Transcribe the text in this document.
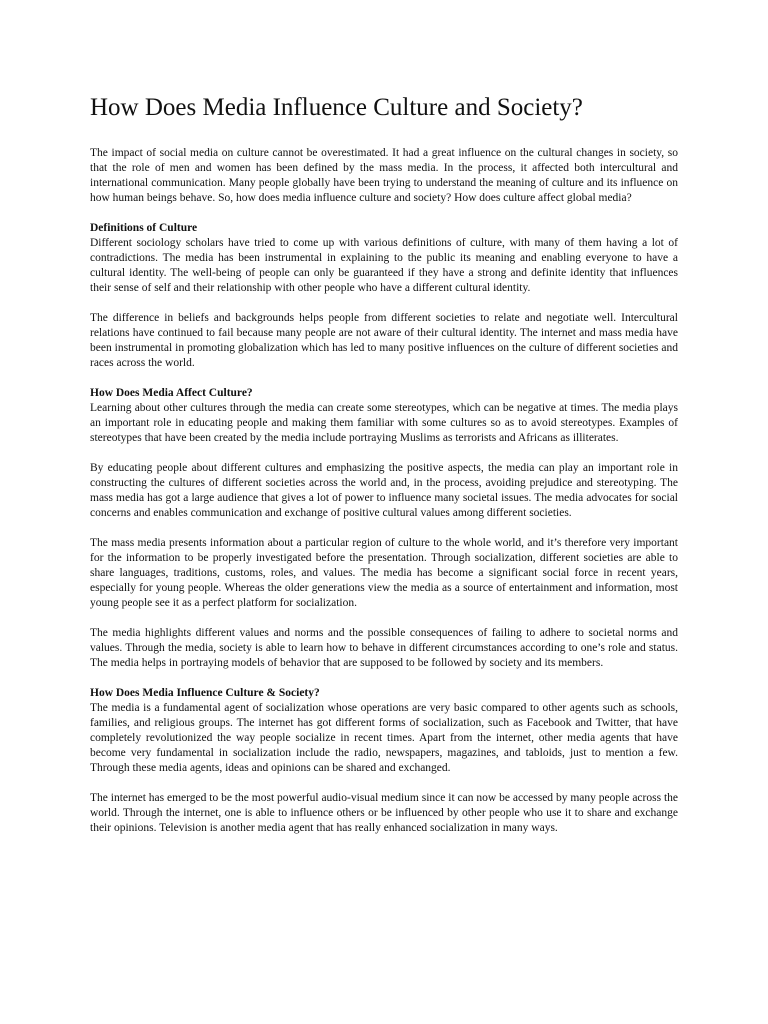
How Does Media Influence Culture and Society?

The impact of social media on culture cannot be overestimated. It had a great influence on the cultural changes in society, so that the role of men and women has been defined by the mass media. In the process, it affected both intercultural and international communication. Many people globally have been trying to understand the meaning of culture and its influence on how human beings behave. So, how does media influence culture and society? How does culture affect global media?

Definitions of Culture

Different sociology scholars have tried to come up with various definitions of culture, with many of them having a lot of contradictions. The media has been instrumental in explaining to the public its meaning and enabling everyone to have a cultural identity. The well-being of people can only be guaranteed if they have a strong and definite identity that influences their sense of self and their relationship with other people who have a different cultural identity.

The difference in beliefs and backgrounds helps people from different societies to relate and negotiate well. Intercultural relations have continued to fail because many people are not aware of their cultural identity. The internet and mass media have been instrumental in promoting globalization which has led to many positive influences on the culture of different societies and races across the world.

How Does Media Affect Culture?

Learning about other cultures through the media can create some stereotypes, which can be negative at times. The media plays an important role in educating people and making them familiar with some cultures so as to avoid stereotypes. Examples of stereotypes that have been created by the media include portraying Muslims as terrorists and Africans as illiterates.

By educating people about different cultures and emphasizing the positive aspects, the media can play an important role in constructing the cultures of different societies across the world and, in the process, avoiding prejudice and stereotyping. The mass media has got a large audience that gives a lot of power to influence many societal issues. The media advocates for social concerns and enables communication and exchange of positive cultural values among different societies.

The mass media presents information about a particular region of culture to the whole world, and it’s therefore very important for the information to be properly investigated before the presentation. Through socialization, different societies are able to share languages, traditions, customs, roles, and values. The media has become a significant social force in recent years, especially for young people. Whereas the older generations view the media as a source of entertainment and information, most young people see it as a perfect platform for socialization.

The media highlights different values and norms and the possible consequences of failing to adhere to societal norms and values. Through the media, society is able to learn how to behave in different circumstances according to one’s role and status. The media helps in portraying models of behavior that are supposed to be followed by society and its members.

How Does Media Influence Culture & Society?

The media is a fundamental agent of socialization whose operations are very basic compared to other agents such as schools, families, and religious groups. The internet has got different forms of socialization, such as Facebook and Twitter, that have completely revolutionized the way people socialize in recent times. Apart from the internet, other media agents that have become very fundamental in socialization include the radio, newspapers, magazines, and tabloids, just to mention a few. Through these media agents, ideas and opinions can be shared and exchanged.

The internet has emerged to be the most powerful audio-visual medium since it can now be accessed by many people across the world. Through the internet, one is able to influence others or be influenced by other people who use it to share and exchange their opinions. Television is another media agent that has really enhanced socialization in many ways.
